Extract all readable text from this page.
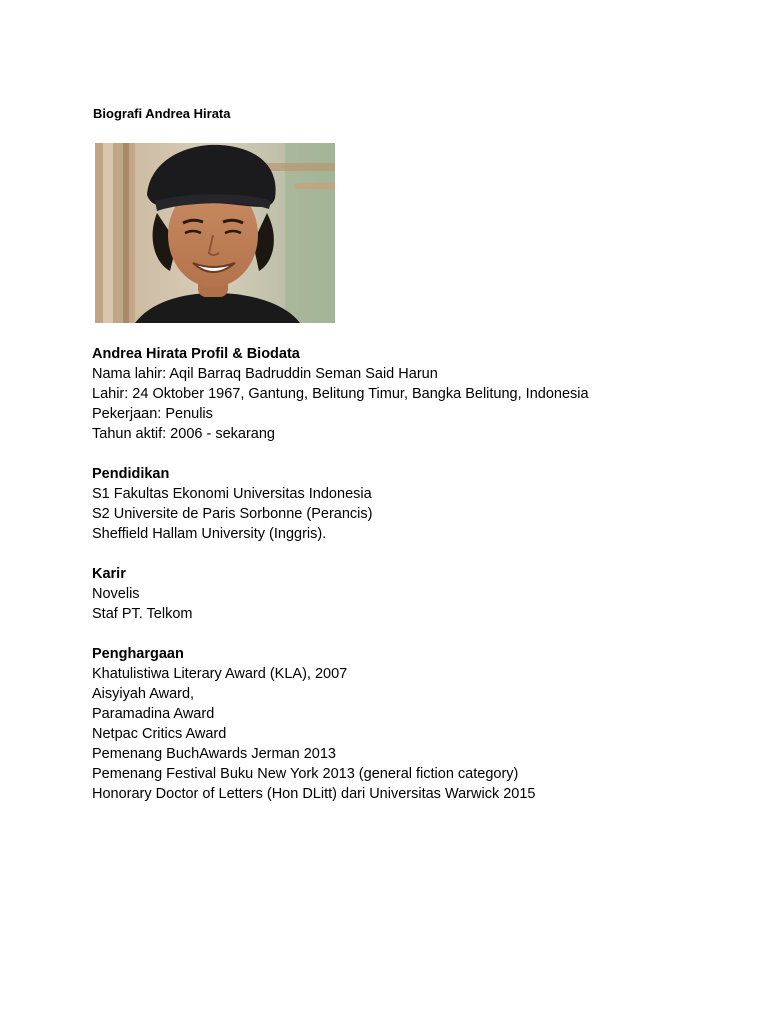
Biografi Andrea Hirata
Andrea Hirata Profil & Biodata
Nama lahir: Aqil Barraq Badruddin Seman Said Harun
Lahir: 24 Oktober 1967, Gantung, Belitung Timur, Bangka Belitung, Indonesia
Pekerjaan: Penulis
Tahun aktif: 2006 - sekarang
Pendidikan
S1 Fakultas Ekonomi Universitas Indonesia
S2 Universite de Paris Sorbonne (Perancis)
Sheffield Hallam University (Inggris).
Karir
Novelis
Staf PT. Telkom
Penghargaan
Khatulistiwa Literary Award (KLA), 2007
Aisyiyah Award,
Paramadina Award
Netpac Critics Award
Pemenang BuchAwards Jerman 2013
Pemenang Festival Buku New York 2013 (general fiction category)
Honorary Doctor of Letters (Hon DLitt) dari Universitas Warwick 2015
